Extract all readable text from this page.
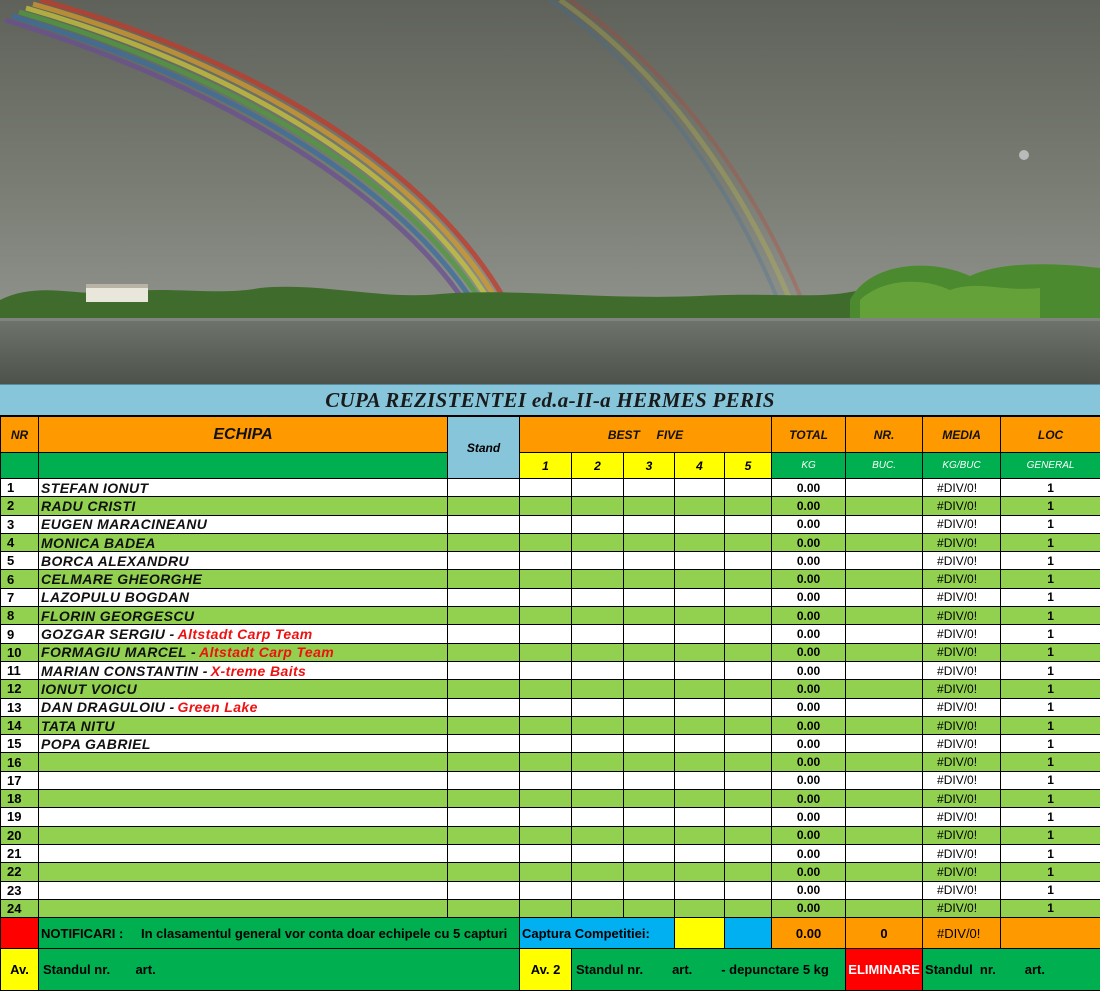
CUPA REZISTENTEI ed.a-II-a HERMES PERIS
NR	ECHIPA	Stand	BEST     FIVE					TOTAL	NR.	MEDIA	LOC
			1	2	3	4	5	KG	BUC.	KG/BUC	GENERAL
1	STEFAN IONUT							0.00		#DIV/0!	1
2	RADU CRISTI							0.00		#DIV/0!	1
3	EUGEN MARACINEANU							0.00		#DIV/0!	1
4	MONICA BADEA							0.00		#DIV/0!	1
5	BORCA ALEXANDRU							0.00		#DIV/0!	1
6	CELMARE GHEORGHE							0.00		#DIV/0!	1
7	LAZOPULU BOGDAN							0.00		#DIV/0!	1
8	FLORIN GEORGESCU							0.00		#DIV/0!	1
9	GOZGAR SERGIU - Altstadt Carp Team							0.00		#DIV/0!	1
10	FORMAGIU MARCEL - Altstadt Carp Team							0.00		#DIV/0!	1
11	MARIAN CONSTANTIN - X-treme Baits							0.00		#DIV/0!	1
12	IONUT VOICU							0.00		#DIV/0!	1
13	DAN DRAGULOIU - Green Lake							0.00		#DIV/0!	1
14	TATA NITU							0.00		#DIV/0!	1
15	POPA GABRIEL							0.00		#DIV/0!	1
16								0.00		#DIV/0!	1
17								0.00		#DIV/0!	1
18								0.00		#DIV/0!	1
19								0.00		#DIV/0!	1
20								0.00		#DIV/0!	1
21								0.00		#DIV/0!	1
22								0.00		#DIV/0!	1
23								0.00		#DIV/0!	1
24								0.00		#DIV/0!	1
	NOTIFICARI : In clasamentul general vor conta doar echipele cu 5 capturi		Captura Competitiei:					0.00	0	#DIV/0!	
Av.	Standul nr.       art.		Av. 2	Standul nr.        art.        - depunctare 5 kg					ELIMINARE	Standul  nr.        art.	
